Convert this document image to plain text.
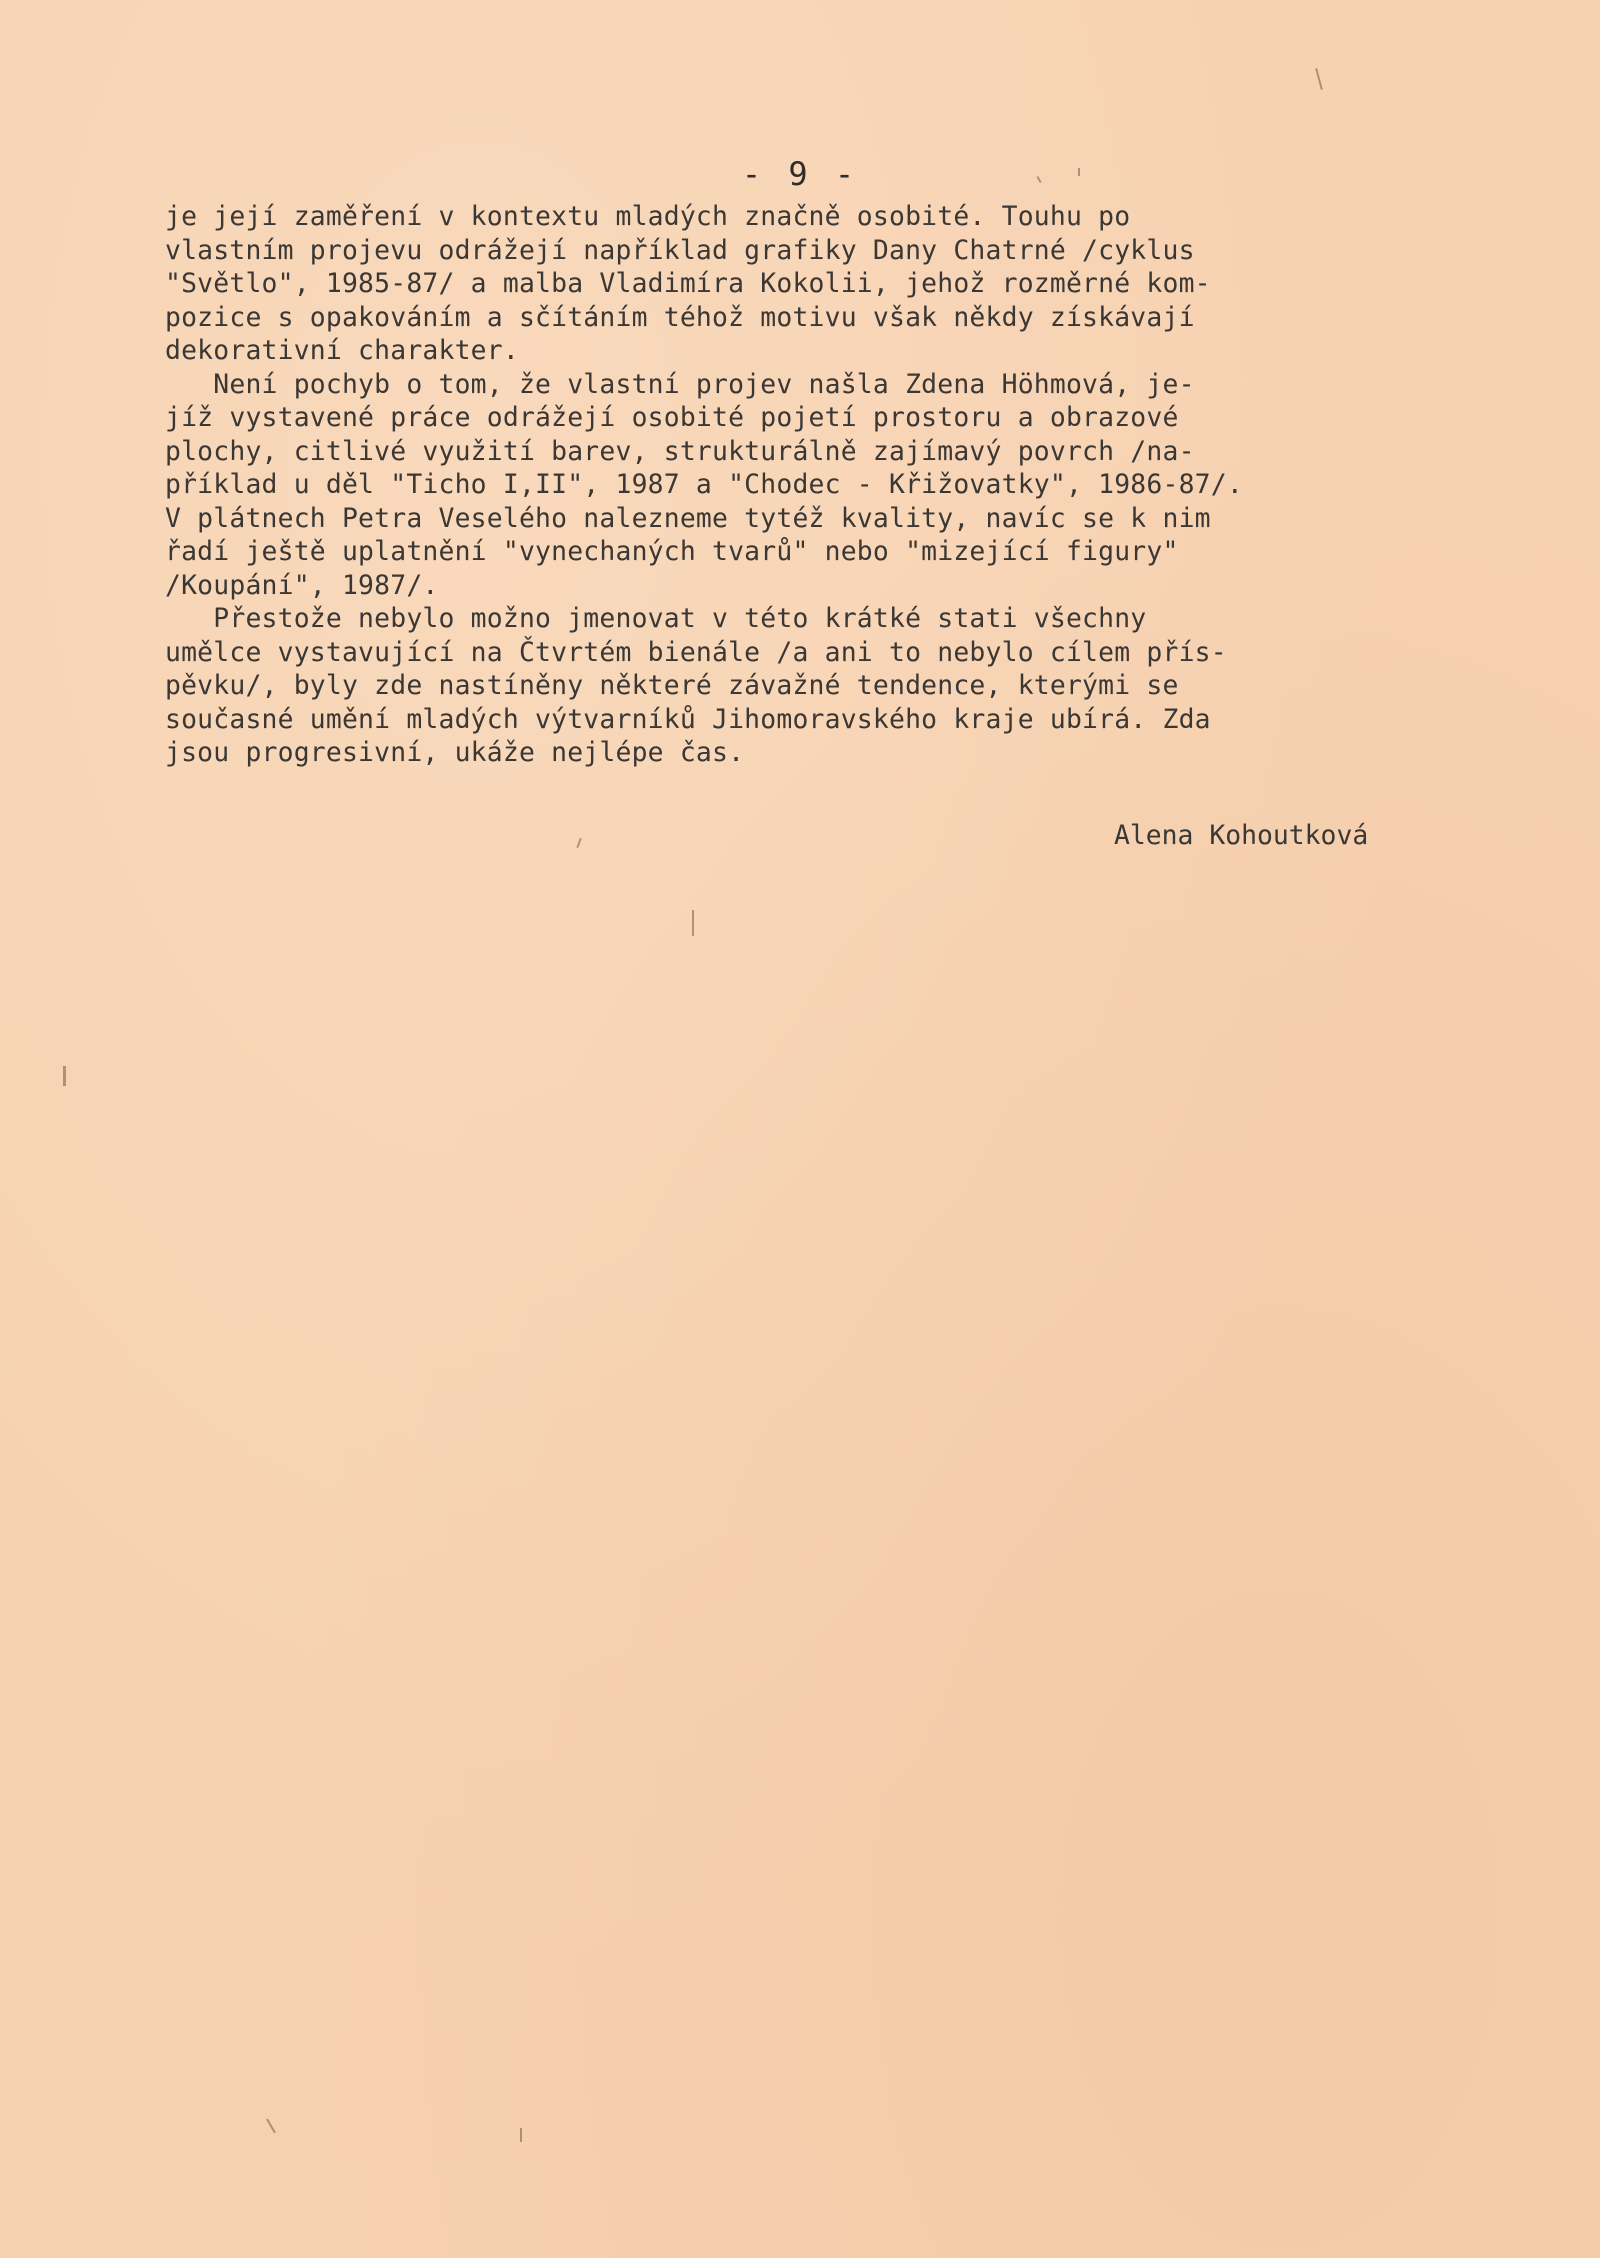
- 9 -
je její zaměření v kontextu mladých značně osobité. Touhu po
vlastním projevu odrážejí například grafiky Dany Chatrné /cyklus
"Světlo", 1985-87/ a malba Vladimíra Kokolii, jehož rozměrné kom-
pozice s opakováním a sčítáním téhož motivu však někdy získávají
dekorativní charakter.
Není pochyb o tom, že vlastní projev našla Zdena Höhmová, je-
jíž vystavené práce odrážejí osobité pojetí prostoru a obrazové
plochy, citlivé využití barev, strukturálně zajímavý povrch /na-
příklad u děl "Ticho I,II", 1987 a "Chodec - Křižovatky", 1986-87/.
V plátnech Petra Veselého nalezneme tytéž kvality, navíc se k nim
řadí ještě uplatnění "vynechaných tvarů" nebo "mizející figury"
/Koupání", 1987/.
Přestože nebylo možno jmenovat v této krátké stati všechny
umělce vystavující na Čtvrtém bienále /a ani to nebylo cílem přís-
pěvku/, byly zde nastíněny některé závažné tendence, kterými se
současné umění mladých výtvarníků Jihomoravského kraje ubírá. Zda
jsou progresivní, ukáže nejlépe čas.
Alena Kohoutková
